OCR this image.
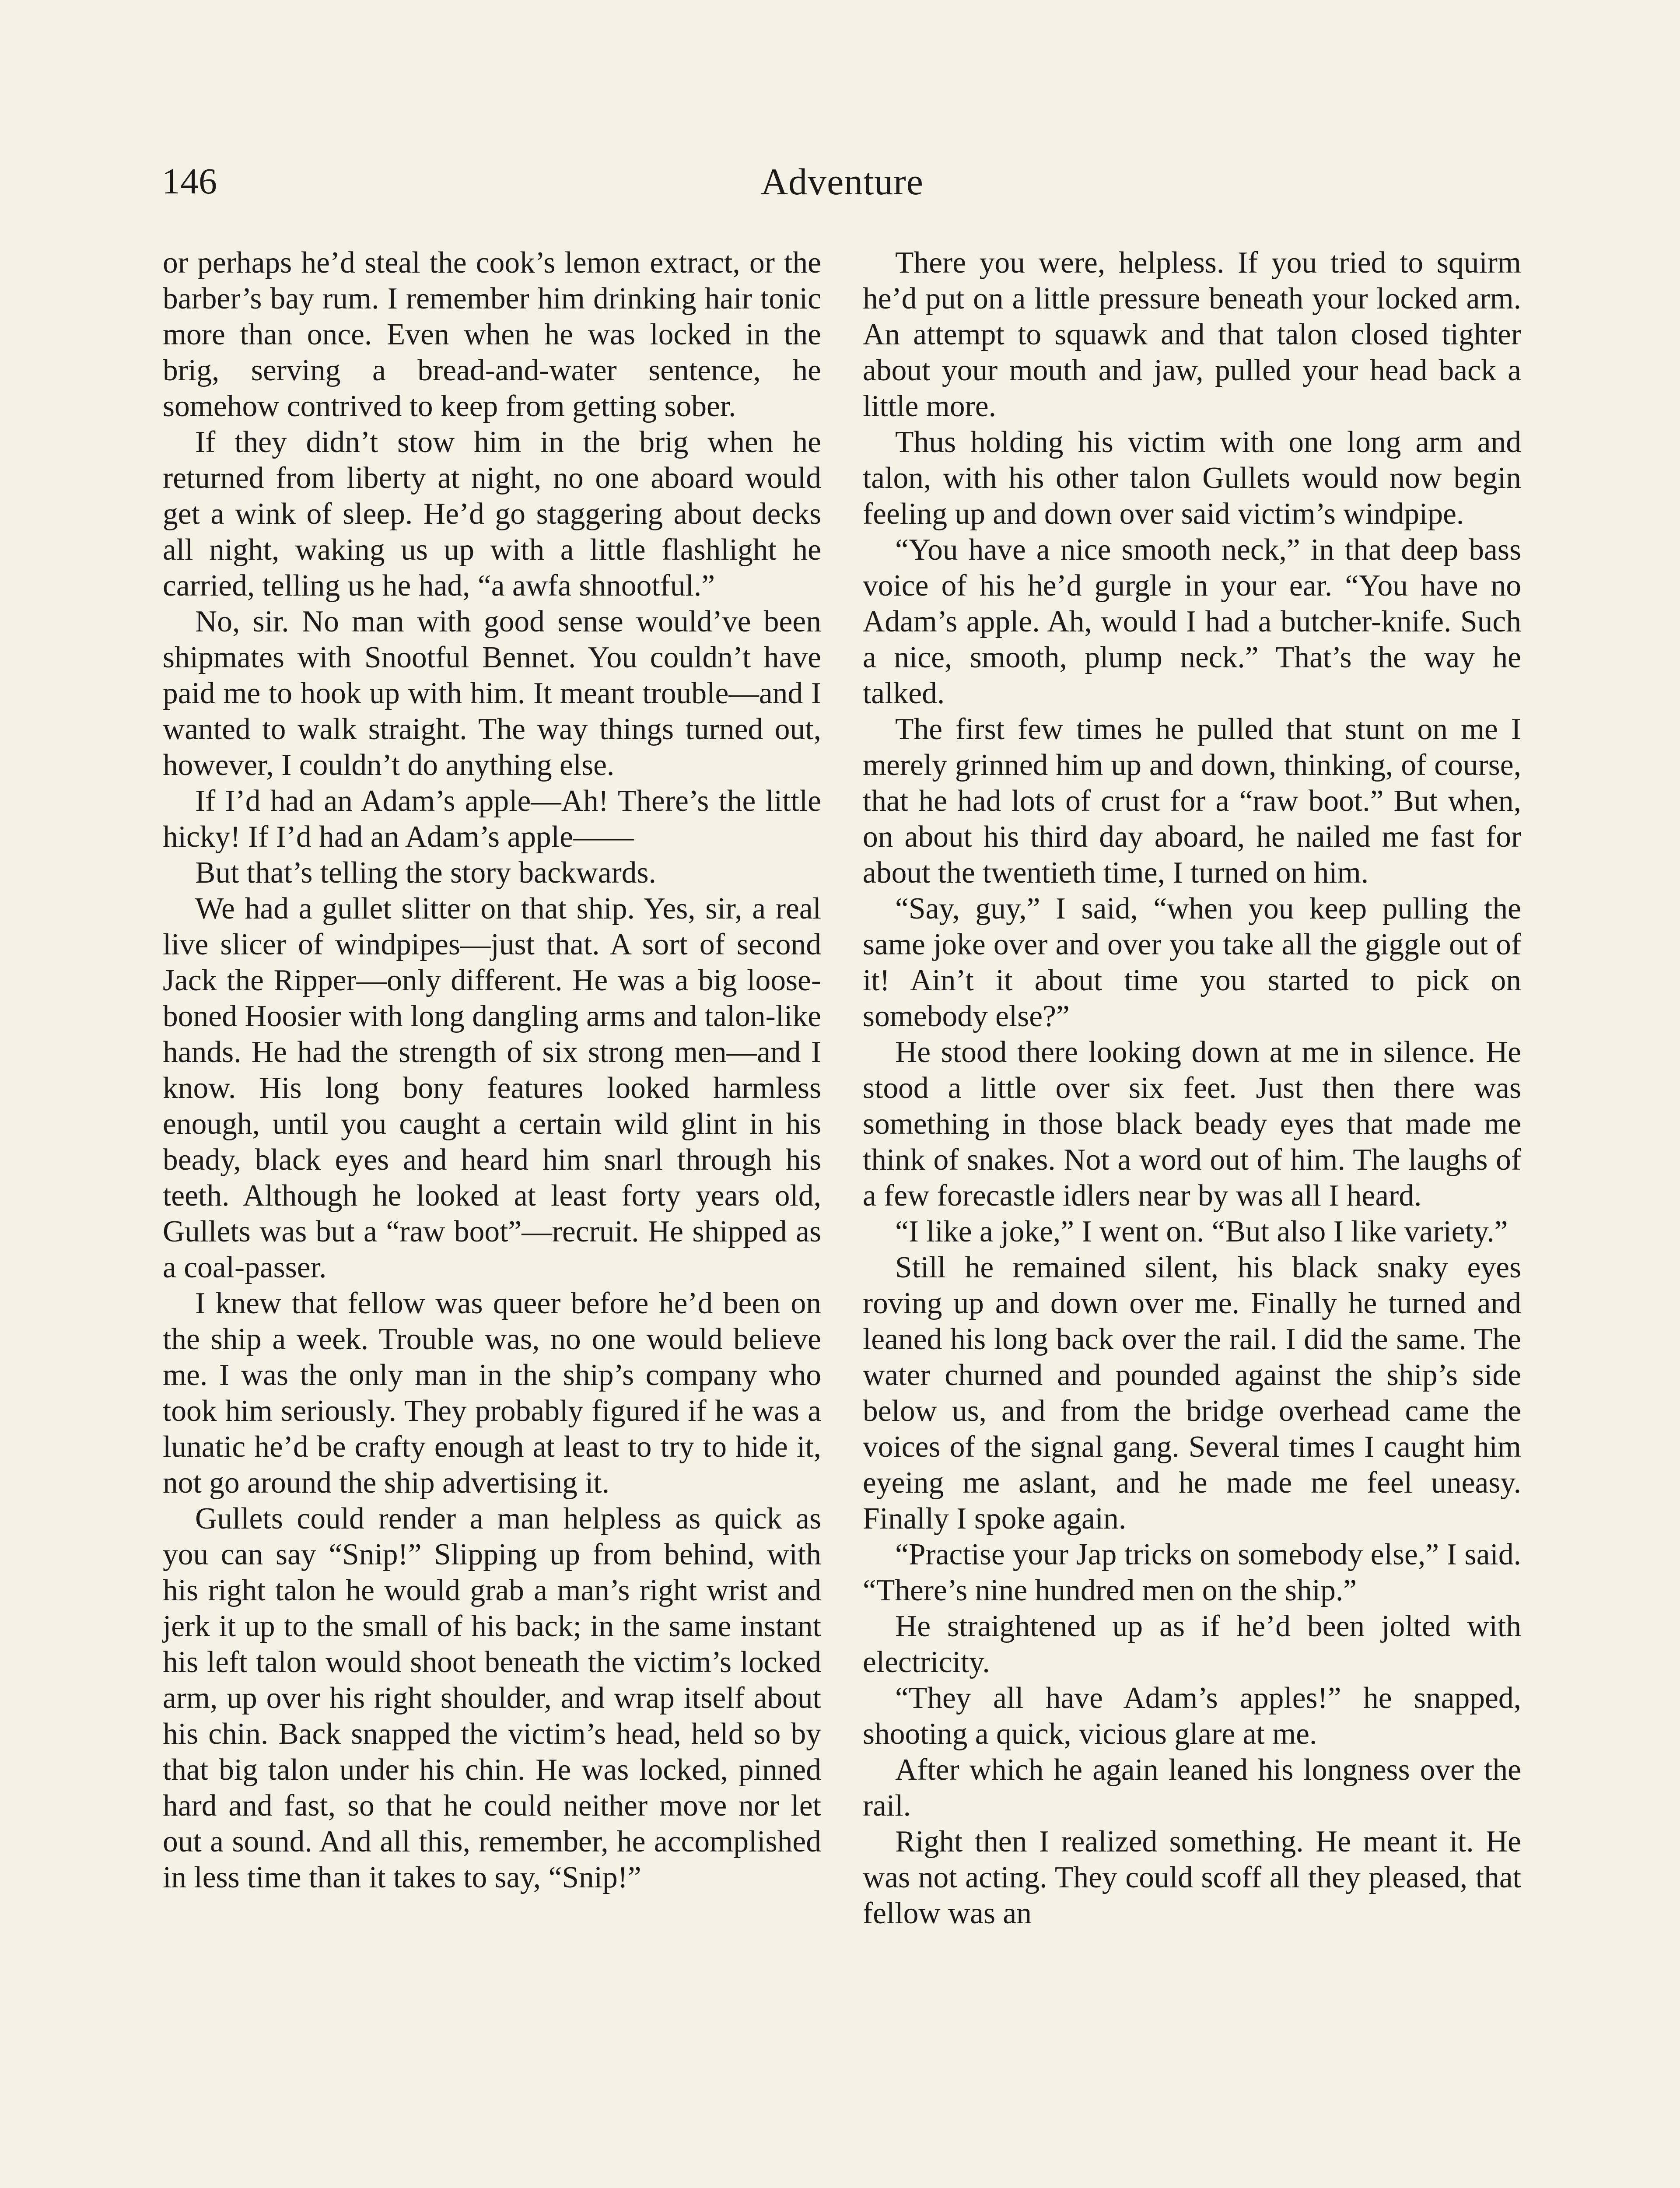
146	Adventure

or perhaps he’d steal the cook’s lemon extract, or the barber’s bay rum. I remember him drinking hair tonic more than once. Even when he was locked in the brig, serving a bread-and-water sentence, he somehow contrived to keep from getting sober.

If they didn’t stow him in the brig when he returned from liberty at night, no one aboard would get a wink of sleep. He’d go staggering about decks all night, waking us up with a little flashlight he carried, telling us he had, “a awfa shnootful.”

No, sir. No man with good sense would’ve been shipmates with Snootful Bennet. You couldn’t have paid me to hook up with him. It meant trouble—and I wanted to walk straight. The way things turned out, however, I couldn’t do anything else.

If I’d had an Adam’s apple—Ah! There’s the little hicky! If I’d had an Adam’s apple——

But that’s telling the story backwards.

We had a gullet slitter on that ship. Yes, sir, a real live slicer of windpipes—just that. A sort of second Jack the Ripper—only different. He was a big loose-boned Hoosier with long dangling arms and talon-like hands. He had the strength of six strong men—and I know. His long bony features looked harmless enough, until you caught a certain wild glint in his beady, black eyes and heard him snarl through his teeth. Although he looked at least forty years old, Gullets was but a “raw boot”—recruit. He shipped as a coal-passer.

I knew that fellow was queer before he’d been on the ship a week. Trouble was, no one would believe me. I was the only man in the ship’s company who took him seriously. They probably figured if he was a lunatic he’d be crafty enough at least to try to hide it, not go around the ship advertising it.

Gullets could render a man helpless as quick as you can say “Snip!” Slipping up from behind, with his right talon he would grab a man’s right wrist and jerk it up to the small of his back; in the same instant his left talon would shoot beneath the victim’s locked arm, up over his right shoulder, and wrap itself about his chin. Back snapped the victim’s head, held so by that big talon under his chin. He was locked, pinned hard and fast, so that he could neither move nor let out a sound. And all this, remember, he accomplished in less time than it takes to say, “Snip!”

There you were, helpless. If you tried to squirm he’d put on a little pressure beneath your locked arm. An attempt to squawk and that talon closed tighter about your mouth and jaw, pulled your head back a little more.

Thus holding his victim with one long arm and talon, with his other talon Gullets would now begin feeling up and down over said victim’s windpipe.

“You have a nice smooth neck,” in that deep bass voice of his he’d gurgle in your ear. “You have no Adam’s apple. Ah, would I had a butcher-knife. Such a nice, smooth, plump neck.” That’s the way he talked.

The first few times he pulled that stunt on me I merely grinned him up and down, thinking, of course, that he had lots of crust for a “raw boot.” But when, on about his third day aboard, he nailed me fast for about the twentieth time, I turned on him.

“Say, guy,” I said, “when you keep pulling the same joke over and over you take all the giggle out of it! Ain’t it about time you started to pick on somebody else?”

He stood there looking down at me in silence. He stood a little over six feet. Just then there was something in those black beady eyes that made me think of snakes. Not a word out of him. The laughs of a few forecastle idlers near by was all I heard.

“I like a joke,” I went on. “But also I like variety.”

Still he remained silent, his black snaky eyes roving up and down over me. Finally he turned and leaned his long back over the rail. I did the same. The water churned and pounded against the ship’s side below us, and from the bridge overhead came the voices of the signal gang. Several times I caught him eyeing me aslant, and he made me feel uneasy. Finally I spoke again.

“Practise your Jap tricks on somebody else,” I said. “There’s nine hundred men on the ship.”

He straightened up as if he’d been jolted with electricity.

“They all have Adam’s apples!” he snapped, shooting a quick, vicious glare at me.

After which he again leaned his longness over the rail.

Right then I realized something. He meant it. He was not acting. They could scoff all they pleased, that fellow was an
